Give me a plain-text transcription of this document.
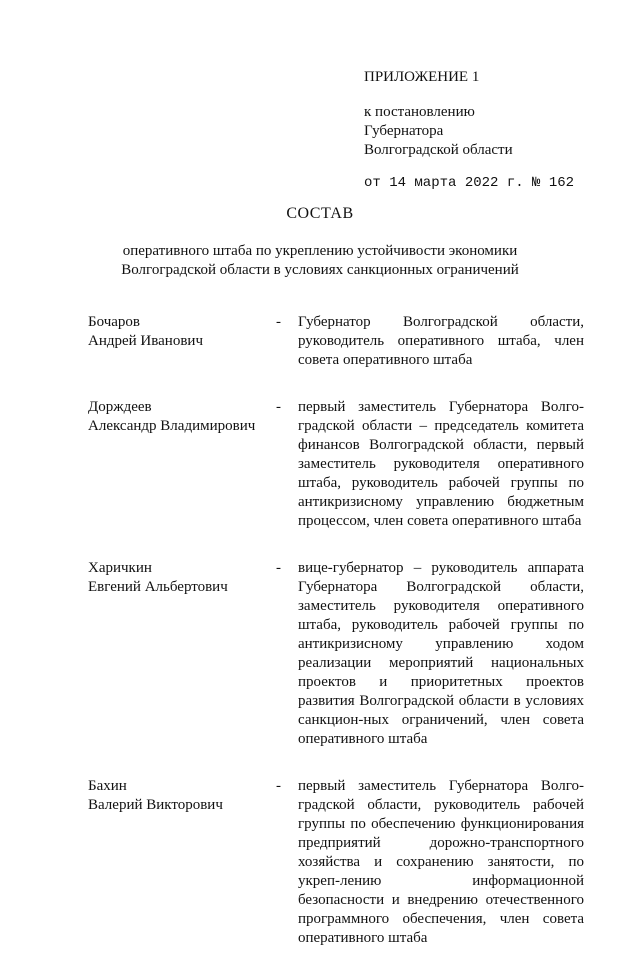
ПРИЛОЖЕНИЕ 1
к постановлению
Губернатора
Волгоградской области
от 14 марта 2022 г. № 162
СОСТАВ
оперативного штаба по укреплению устойчивости экономики
Волгоградской области в условиях санкционных ограничений
Бочаров
Андрей Иванович
-	Губернатор Волгоградской области, руководитель оперативного штаба, член совета оперативного штаба
Дорждеев
Александр Владимирович
-	первый заместитель Губернатора Волго-градской области – председатель комитета финансов Волгоградской области, первый заместитель руководителя оперативного штаба, руководитель рабочей группы по антикризисному управлению бюджетным процессом, член совета оперативного штаба
Харичкин
Евгений Альбертович
-	вице-губернатор – руководитель аппарата Губернатора Волгоградской области, заместитель руководителя оперативного штаба, руководитель рабочей группы по антикризисному управлению ходом реализации мероприятий национальных проектов и приоритетных проектов развития Волгоградской области в условиях санкцион-ных ограничений, член совета оперативного штаба
Бахин
Валерий Викторович
-	первый заместитель Губернатора Волго-градской области, руководитель рабочей группы по обеспечению функционирования предприятий дорожно-транспортного хозяйства и сохранению занятости, по укреп-лению информационной безопасности и внедрению отечественного программного обеспечения, член совета оперативного штаба
